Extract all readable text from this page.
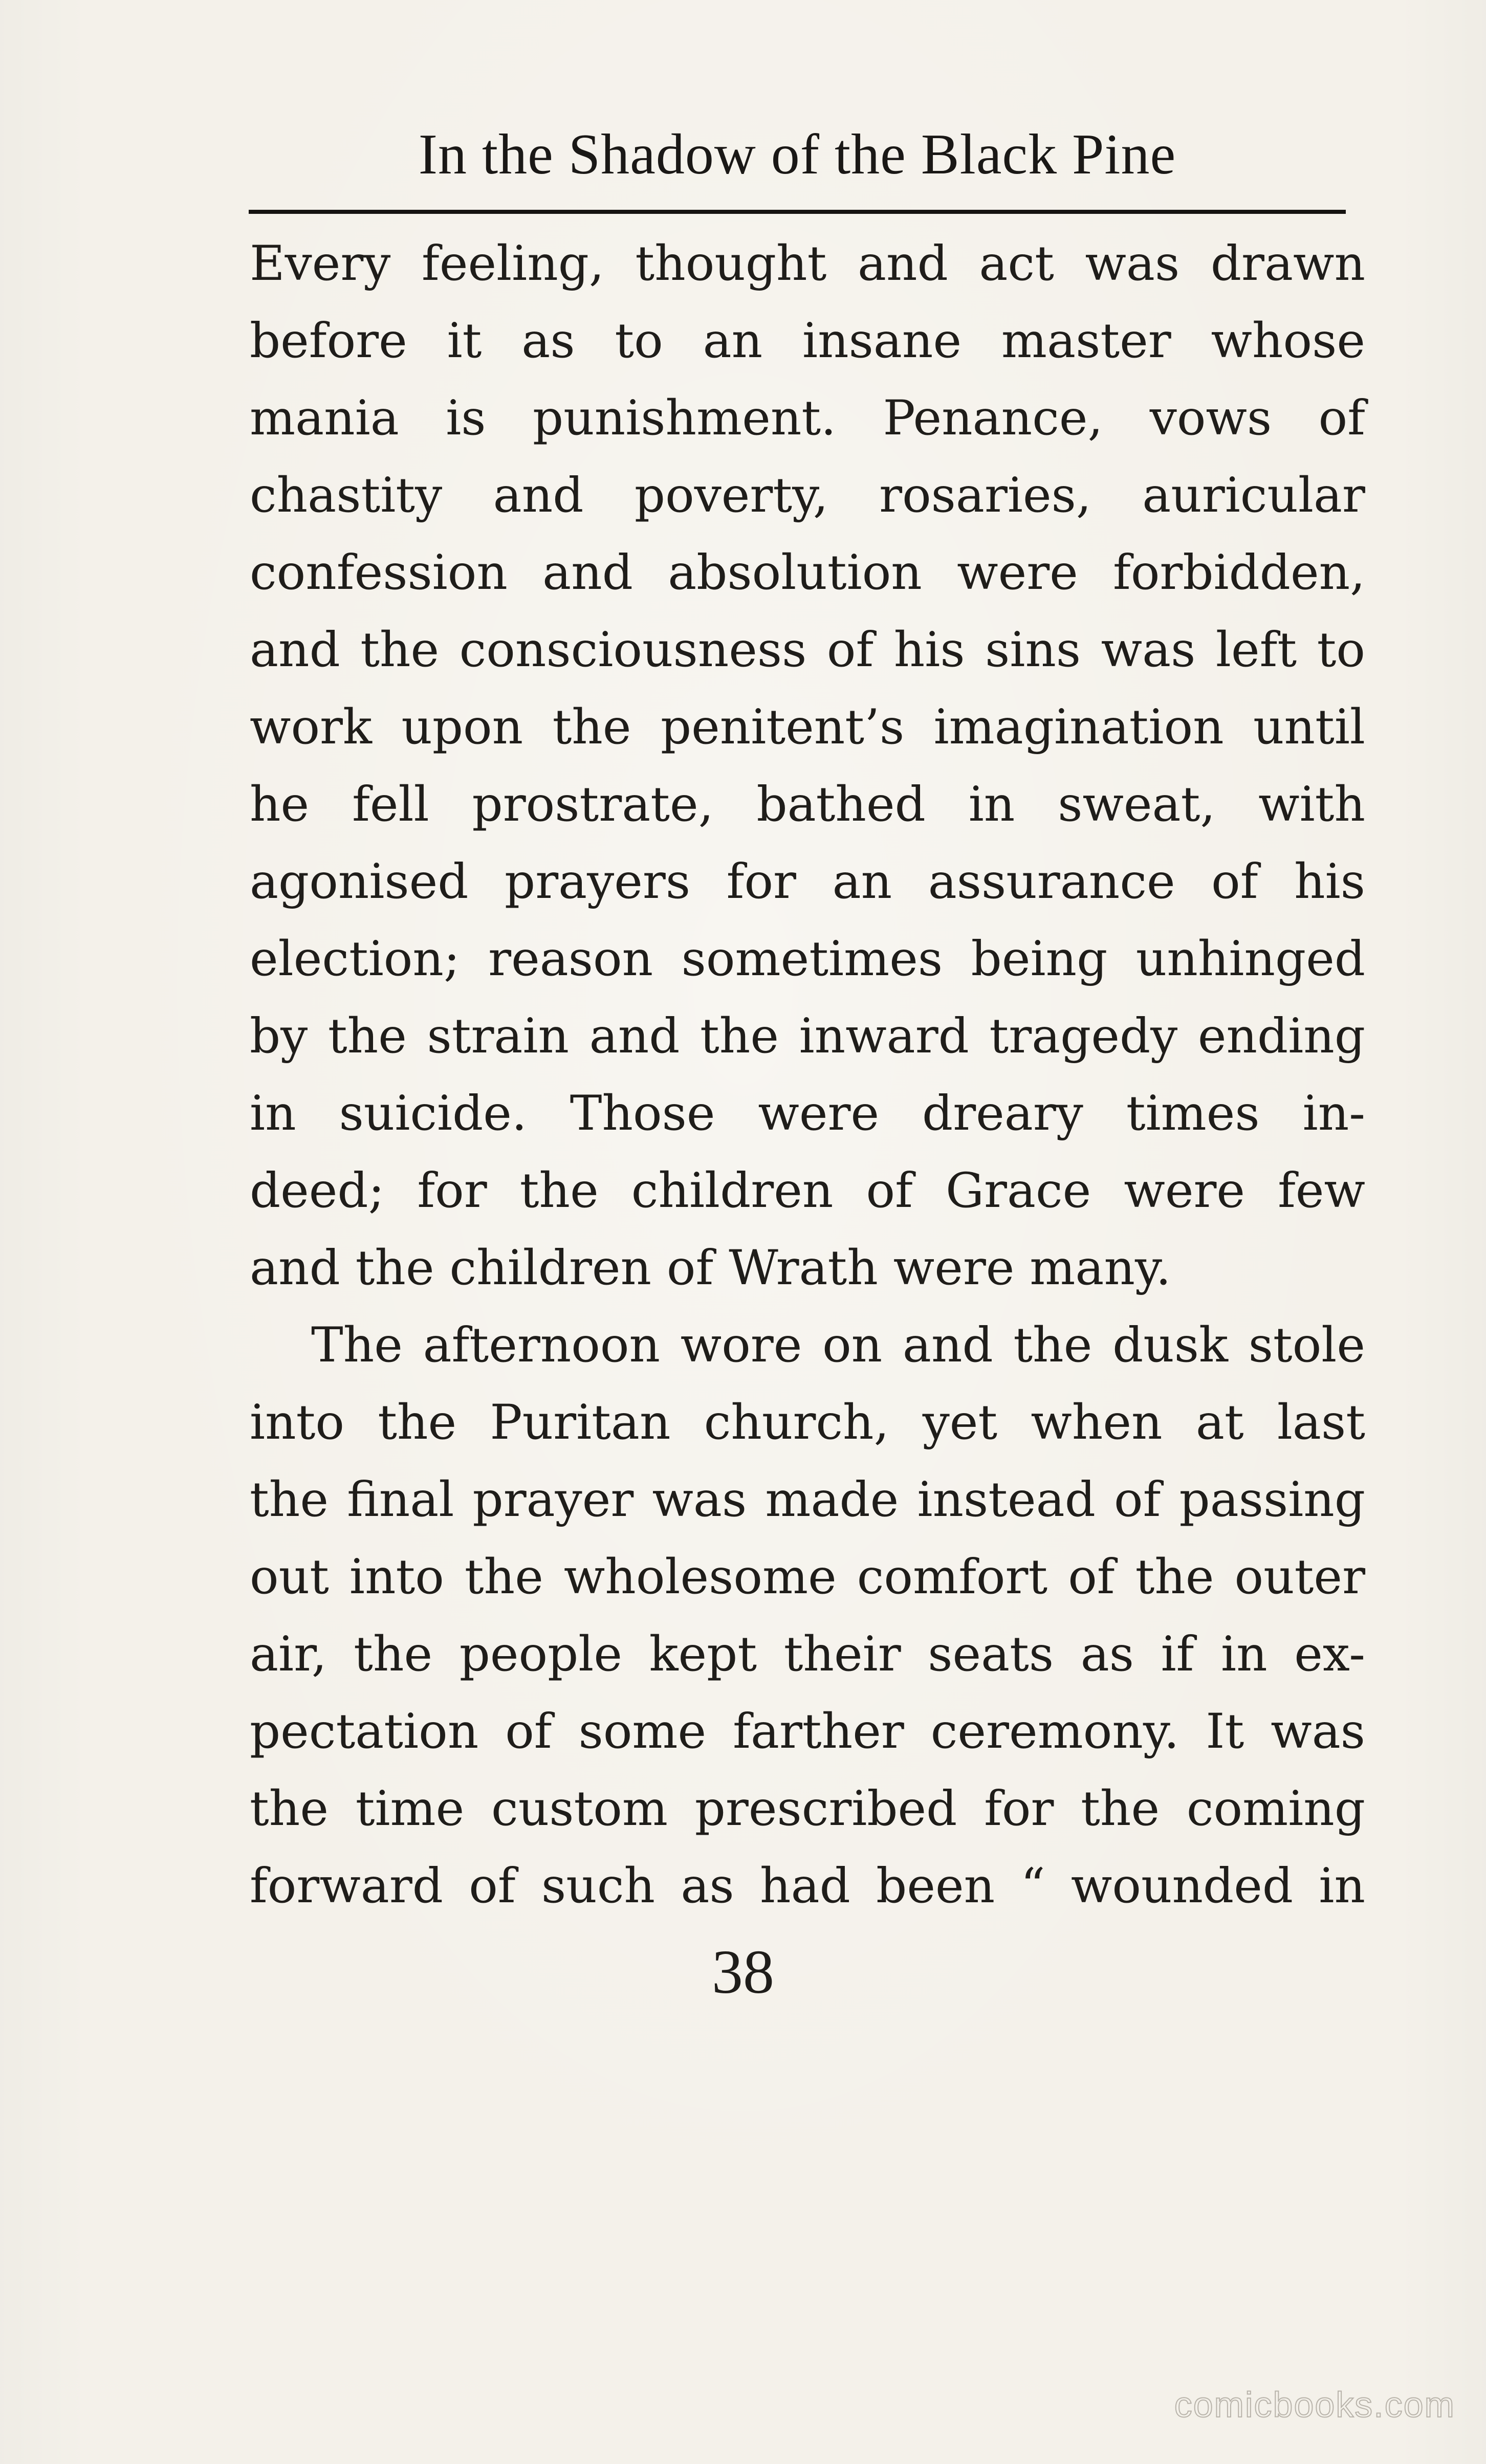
In the Shadow of the Black Pine
Every feeling, thought and act was drawn
before it as to an insane master whose
mania is punishment. Penance, vows of
chastity and poverty, rosaries, auricular
confession and absolution were forbidden,
and the consciousness of his sins was left to
work upon the penitent’s imagination until
he fell prostrate, bathed in sweat, with
agonised prayers for an assurance of his
election; reason sometimes being unhinged
by the strain and the inward tragedy ending
in suicide. Those were dreary times in-
deed; for the children of Grace were few
and the children of Wrath were many.
The afternoon wore on and the dusk stole
into the Puritan church, yet when at last
the final prayer was made instead of passing
out into the wholesome comfort of the outer
air, the people kept their seats as if in ex-
pectation of some farther ceremony. It was
the time custom prescribed for the coming
forward of such as had been “ wounded in
38
comicbooks.com
